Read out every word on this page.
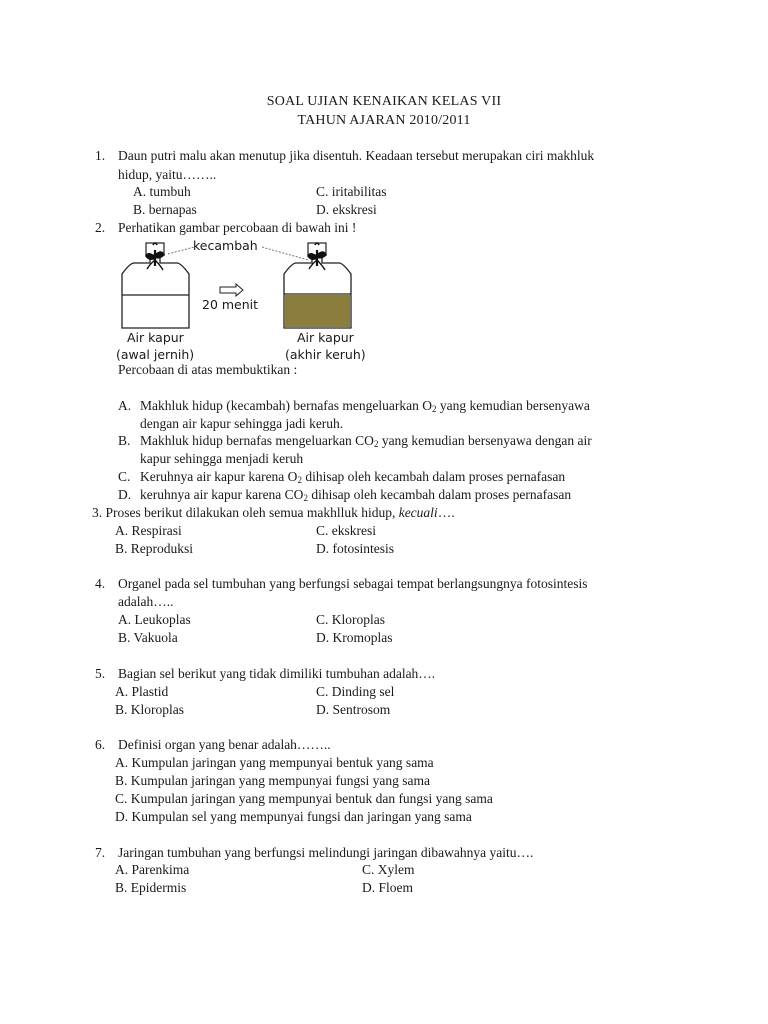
SOAL UJIAN KENAIKAN KELAS VII
TAHUN AJARAN 2010/2011
1. Daun putri malu akan menutup jika disentuh. Keadaan tersebut merupakan ciri makhluk
hidup, yaitu……..
A. tumbuh
B. bernapas
C. iritabilitas
D. ekskresi
2. Perhatikan gambar percobaan di bawah ini !
kecambah
20 menit
Air kapur
(awal jernih)
Air kapur
(akhir keruh)
Percobaan di atas membuktikan :
A. Makhluk hidup (kecambah) bernafas mengeluarkan $O_2$ yang kemudian bersenyawa
dengan air kapur sehingga jadi keruh.
B. Makhluk hidup bernafas mengeluarkan $CO_2$ yang kemudian bersenyawa dengan air
kapur sehingga menjadi keruh
C. Keruhnya air kapur karena $O_2$ dihisap oleh kecambah dalam proses pernafasan
D. keruhnya air kapur karena $CO_2$ dihisap oleh kecambah dalam proses pernafasan
3. Proses berikut dilakukan oleh semua makhlluk hidup, kecuali….
A. Respirasi
B. Reproduksi
C. ekskresi
D. fotosintesis
4. Organel pada sel tumbuhan yang berfungsi sebagai tempat berlangsungnya fotosintesis
adalah…..
A. Leukoplas
B. Vakuola
C. Kloroplas
D. Kromoplas
5. Bagian sel berikut yang tidak dimiliki tumbuhan adalah….
A. Plastid
B. Kloroplas
C. Dinding sel
D. Sentrosom
6. Definisi organ yang benar adalah……..
A. Kumpulan jaringan yang mempunyai bentuk yang sama
B. Kumpulan jaringan yang mempunyai fungsi yang sama
C. Kumpulan jaringan yang mempunyai bentuk dan fungsi yang sama
D. Kumpulan sel yang mempunyai fungsi dan jaringan yang sama
7. Jaringan tumbuhan yang berfungsi melindungi jaringan dibawahnya yaitu….
A. Parenkima
B. Epidermis
C. Xylem
D. Floem
